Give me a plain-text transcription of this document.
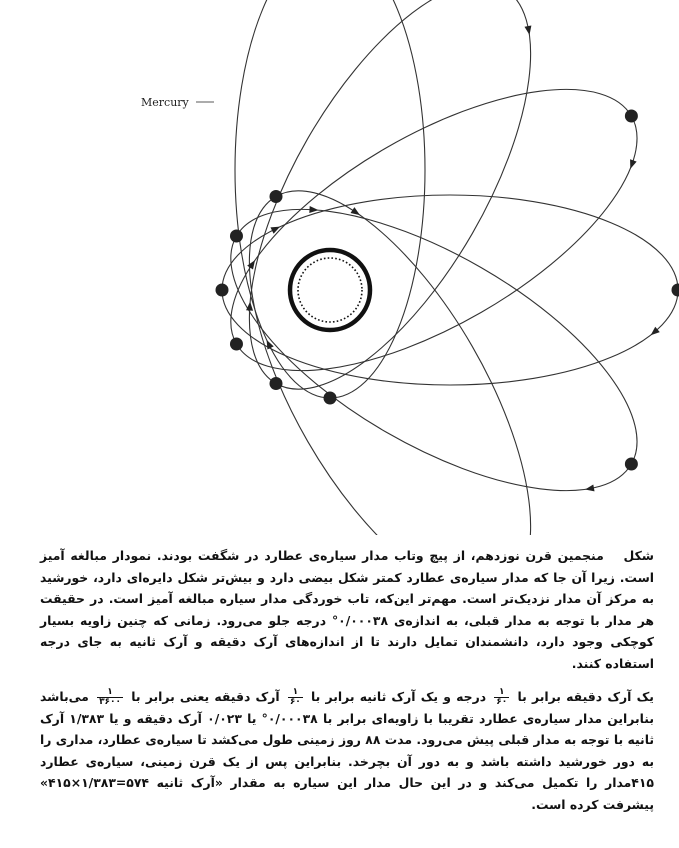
Mercury

شکل منجمین قرن نوزدهم، از پیچ وتاب مدار سیاره‌ی عطارد در شگفت بودند. نمودار مبالغه آمیز است. زیرا آن جا که مدار سیاره‌ی عطارد کمتر شکل بیضی دارد و بیش‌تر شکل دایره‌ای دارد، خورشید به مرکز آن مدار نزدیک‌تر است. مهم‌تر این‌که، تاب خوردگی مدار سیاره مبالغه آمیز است. در حقیقت هر مدار با توجه به مدار قبلی، به اندازه‌ی ۰/۰۰۰۳۸° درجه جلو می‌رود. زمانی که چنین زاویه بسیار کوچکی وجود دارد، دانشمندان تمایل دارند تا از اندازه‌های آرک دقیقه و آرک ثانیه به جای درجه استفاده کنند.

یک آرک دقیقه برابر با
$\frac{۱}{۶۰}$
درجه و یک آرک ثانیه برابر با
$\frac{۱}{۶۰}$
آرک دقیقه یعنی برابر با
$\frac{۱}{۳۶۰۰}$
می‌باشد بنابراین مدار سیاره‌ی عطارد تقریبا با زاویه‌ای برابر با ۰/۰۰۰۳۸° یا ۰/۰۲۳ آرک دقیقه و یا ۱/۳۸۳ آرک ثانیه با توجه به مدار قبلی پیش می‌رود. مدت ۸۸ روز زمینی طول می‌کشد تا سیاره‌ی عطارد، مداری را به دور خورشید داشته باشد و به دور آن بچرخد. بنابراین پس از یک قرن زمینی، سیاره‌ی عطارد ۴۱۵مدار را تکمیل می‌کند و در این حال مدار این سیاره به مقدار «آرک ثانیه ۵۷۴=۱/۳۸۳×۴۱۵» پیشرفت کرده است.
